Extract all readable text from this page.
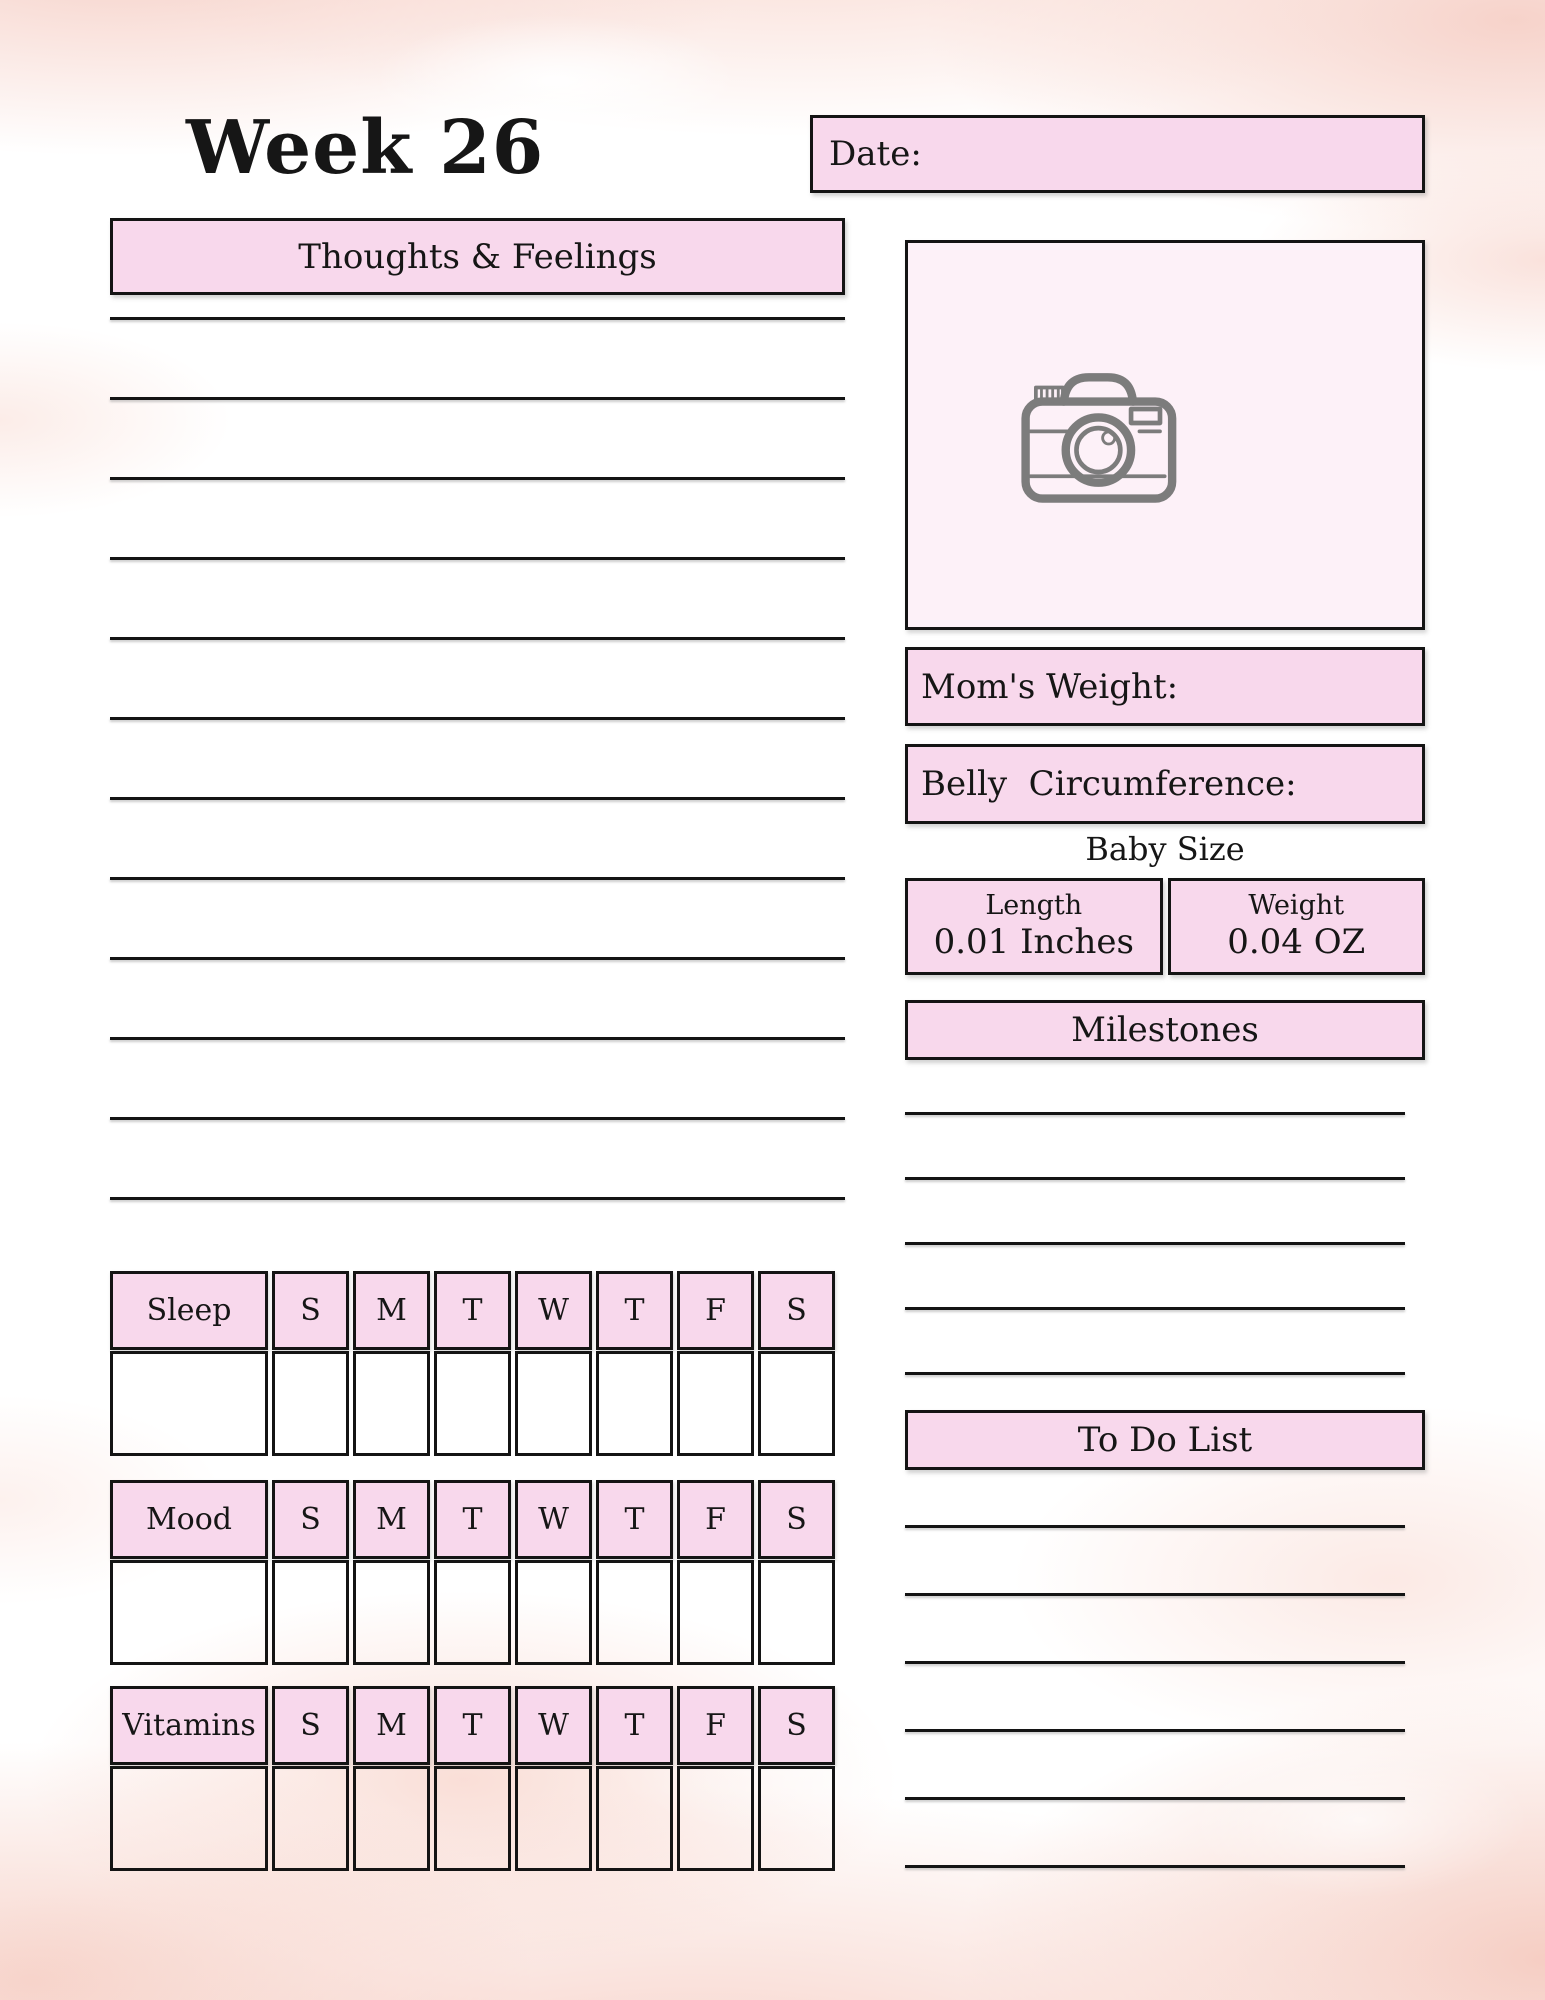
Week 26	Date:
Thoughts & Feelings
Mom's Weight:
Belly  Circumference:
Baby Size
Length
0.01 Inches
Weight
0.04 OZ
Milestones
To Do List
Sleep	S	M	T	W	T	F	S
Mood	S	M	T	W	T	F	S
Vitamins	S	M	T	W	T	F	S
